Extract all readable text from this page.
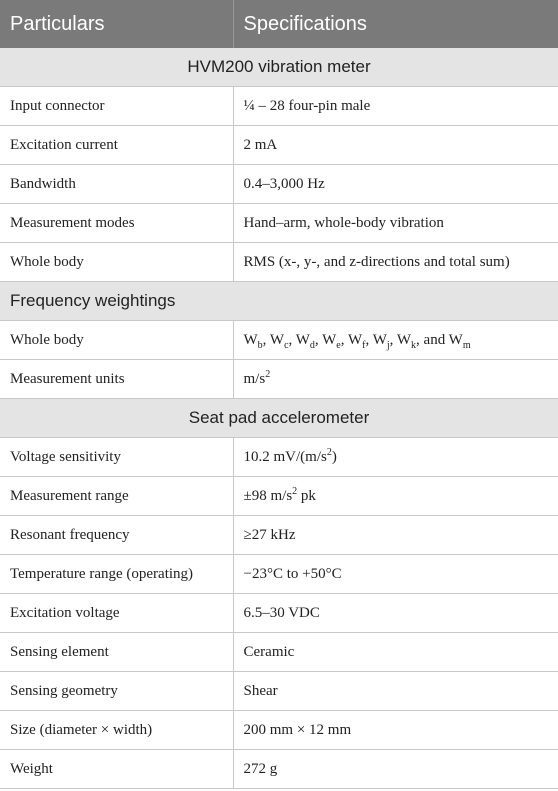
Particulars	Specifications
HVM200 vibration meter	
Input connector	¼ – 28 four-pin male
Excitation current	2 mA
Bandwidth	0.4–3,000 Hz
Measurement modes	Hand–arm, whole-body vibration
Whole body	RMS (x-, y-, and z-directions and total sum)
Frequency weightings	
Whole body	$W_b$, $W_c$, $W_d$, $W_e$, $W_f$, $W_j$, $W_k$, and $W_m$
Measurement units	$m/s^2$
Seat pad accelerometer	
Voltage sensitivity	10.2 $mV/(m/s^2)$
Measurement range	±98 $m/s^2$ pk
Resonant frequency	≥27 kHz
Temperature range (operating)	−23°C to +50°C
Excitation voltage	6.5–30 VDC
Sensing element	Ceramic
Sensing geometry	Shear
Size (diameter × width)	200 mm × 12 mm
Weight	272 g
